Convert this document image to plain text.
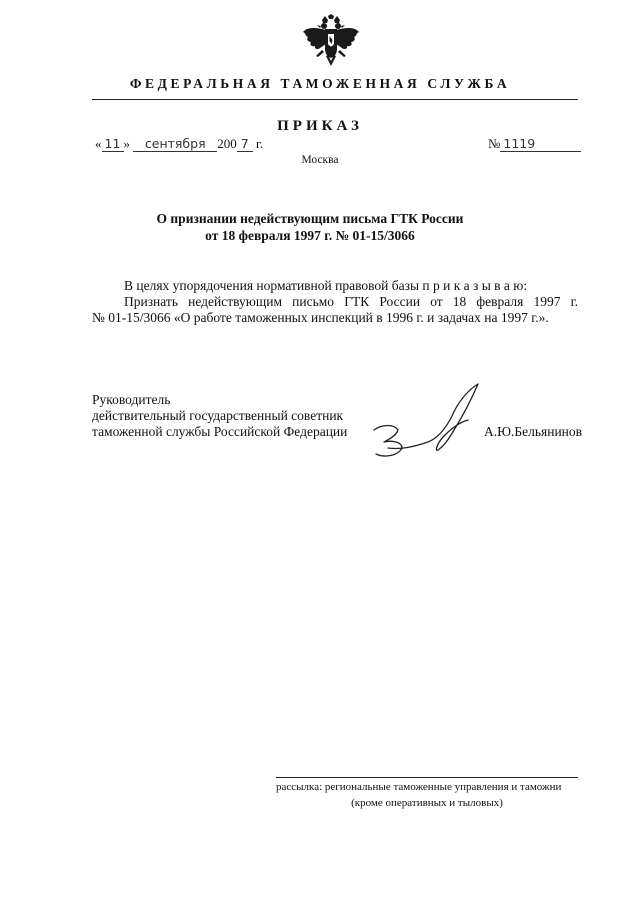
ФЕДЕРАЛЬНАЯ ТАМОЖЕННАЯ СЛУЖБА
ПРИКАЗ
« 11 » сентября 200 7 г.	№ 1119
Москва
О признании недействующим письма ГТК России
от 18 февраля 1997 г. № 01-15/3066
В целях упорядочения нормативной правовой базы п р и к а з ы в а ю:
Признать недействующим письмо ГТК России от 18 февраля 1997 г.
№ 01-15/3066 «О работе таможенных инспекций в 1996 г. и задачах на 1997 г.».
Руководитель
действительный государственный советник
таможенной службы Российской Федерации	А.Ю.Бельянинов
рассылка: региональные таможенные управления и таможни
(кроме оперативных и тыловых)
